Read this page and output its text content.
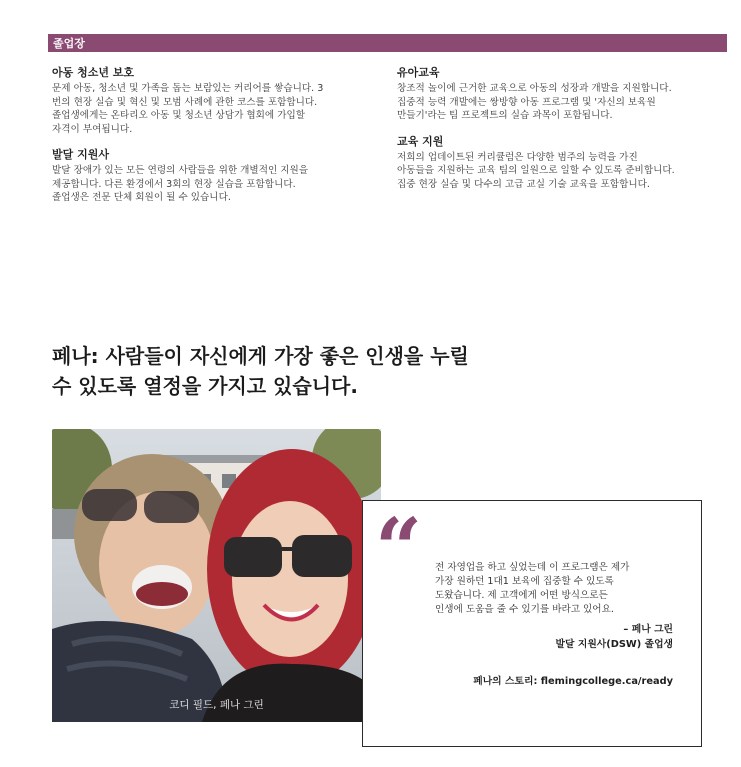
졸업장
아동 청소년 보호

문제 아동, 청소년 및 가족을 돕는 보람있는 커리어를 쌓습니다. 3
번의 현장 실습 및 혁신 및 모범 사례에 관한 코스를 포함합니다.
졸업생에게는 온타리오 아동 및 청소년 상담가 협회에 가입할
자격이 부여됩니다.

발달 지원사

발달 장애가 있는 모든 연령의 사람들을 위한 개별적인 지원을
제공합니다. 다른 환경에서 3회의 현장 실습을 포함합니다.
졸업생은 전문 단체 회원이 될 수 있습니다.

유아교육

창조적 놀이에 근거한 교육으로 아동의 성장과 개발을 지원합니다.
집중적 능력 개발에는 쌍방향 아동 프로그램 및 '자신의 보육원
만들기'라는 팀 프로젝트의 실습 과목이 포함됩니다.

교육 지원

저희의 업데이트된 커리큘럼은 다양한 범주의 능력을 가진
아동들을 지원하는 교육 팀의 일원으로 일할 수 있도록 준비합니다.
집중 현장 실습 및 다수의 고급 교실 기술 교육을 포함합니다.

페나: 사람들이 자신에게 가장 좋은 인생을 누릴
수 있도록 열정을 가지고 있습니다.
코디 필드, 페나 그린
“ 전 자영업을 하고 싶었는데 이 프로그램은 제가
가장 원하던 1대1 보육에 집중할 수 있도록
도왔습니다. 제 고객에게 어떤 방식으로든
인생에 도움을 줄 수 있기를 바라고 있어요.
– 페나 그린
발달 지원사(DSW) 졸업생
페나의 스토리: flemingcollege.ca/ready
